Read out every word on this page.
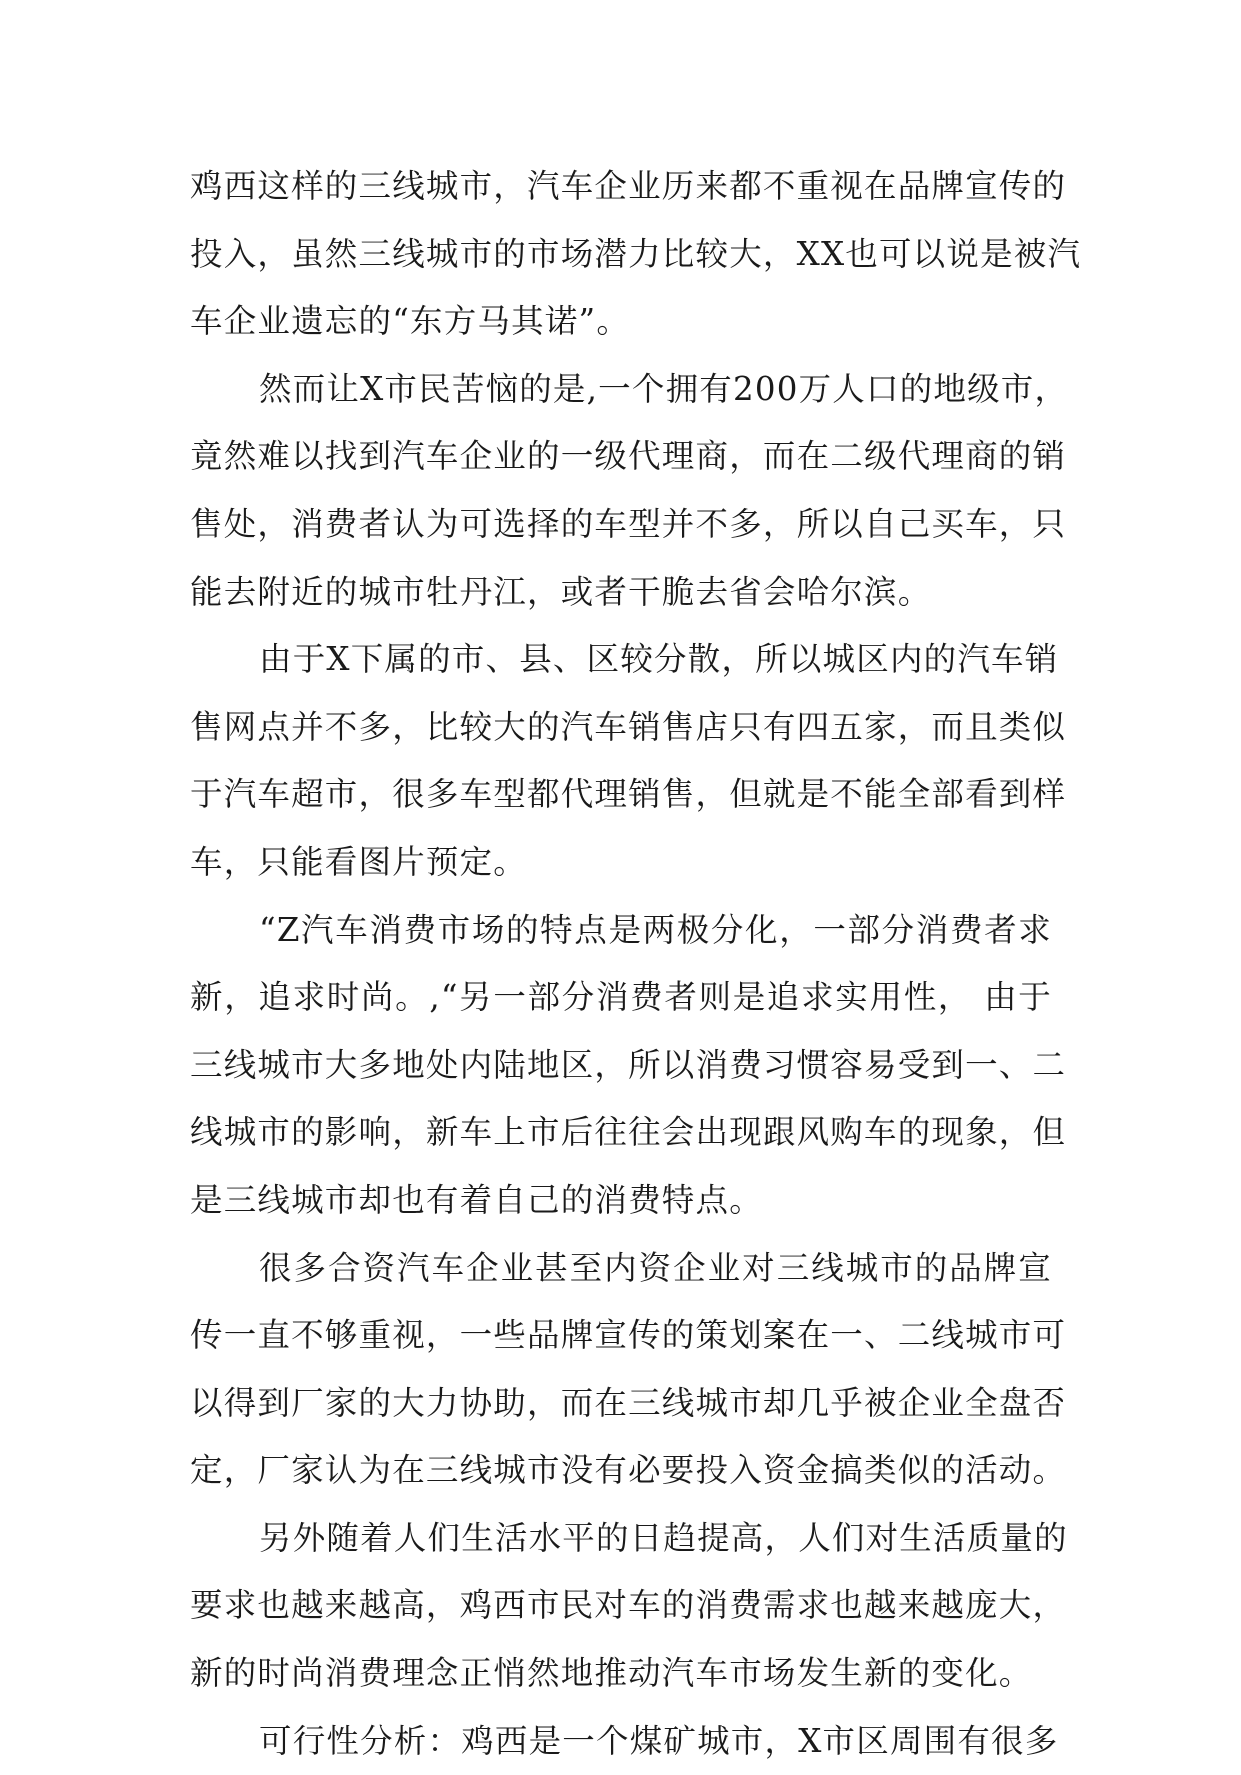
鸡西这样的三线城市，汽车企业历来都不重视在品牌宣传的
投入，虽然三线城市的市场潜力比较大，XX也可以说是被汽
车企业遗忘的“东方马其诺”。
然而让X市民苦恼的是,一个拥有200万人口的地级市，
竟然难以找到汽车企业的一级代理商，而在二级代理商的销
售处，消费者认为可选择的车型并不多，所以自己买车，只
能去附近的城市牡丹江，或者干脆去省会哈尔滨。
由于X下属的市、县、区较分散，所以城区内的汽车销
售网点并不多，比较大的汽车销售店只有四五家，而且类似
于汽车超市，很多车型都代理销售，但就是不能全部看到样
车，只能看图片预定。
“Z汽车消费市场的特点是两极分化，一部分消费者求
新，追求时尚。,“另一部分消费者则是追求实用性， 由于
三线城市大多地处内陆地区，所以消费习惯容易受到一、二
线城市的影响，新车上市后往往会出现跟风购车的现象，但
是三线城市却也有着自己的消费特点。
很多合资汽车企业甚至内资企业对三线城市的品牌宣
传一直不够重视，一些品牌宣传的策划案在一、二线城市可
以得到厂家的大力协助，而在三线城市却几乎被企业全盘否
定，厂家认为在三线城市没有必要投入资金搞类似的活动。
另外随着人们生活水平的日趋提高，人们对生活质量的
要求也越来越高，鸡西市民对车的消费需求也越来越庞大，
新的时尚消费理念正悄然地推动汽车市场发生新的变化。
可行性分析：鸡西是一个煤矿城市，X市区周围有很多
